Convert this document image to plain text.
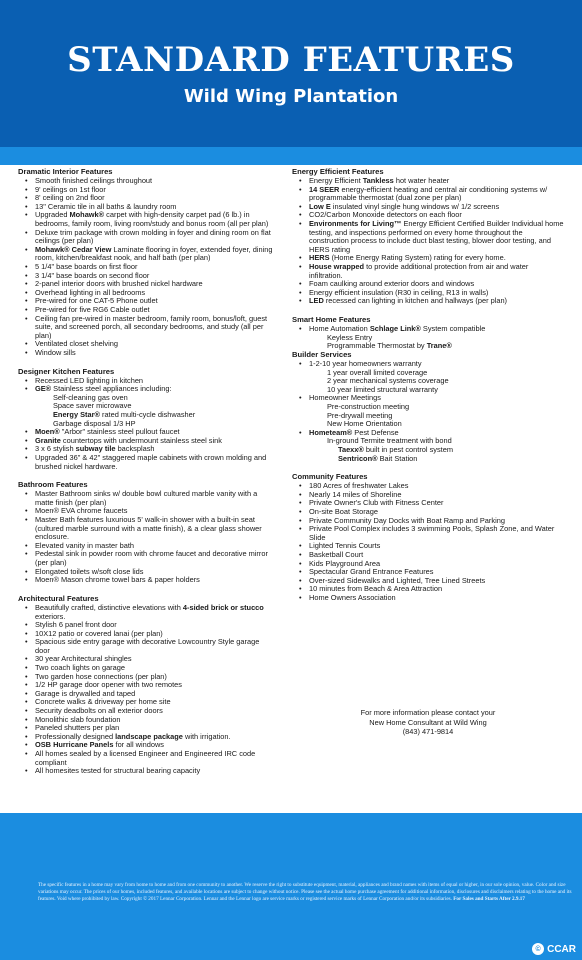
STANDARD FEATURES
Wild Wing Plantation
Dramatic Interior Features
• Smooth finished ceilings throughout
• 9' ceilings on 1st floor
• 8' ceiling on 2nd floor
• 13" Ceramic tile in all baths & laundry room
• Upgraded Mohawk® carpet with high-density carpet pad (6 lb.) in bedrooms, family room, living room/study and bonus room (all per plan)
• Deluxe trim package with crown molding in foyer and dining room on flat ceilings (per plan)
• Mohawk® Cedar View Laminate flooring in foyer, extended foyer, dining room, kitchen/breakfast nook, and half bath (per plan)
• 5 1/4" base boards on first floor
• 3 1/4" base boards on second floor
• 2-panel interior doors with brushed nickel hardware
• Overhead lighting in all bedrooms
• Pre-wired for one CAT-5 Phone outlet
• Pre-wired for five RG6 Cable outlet
• Ceiling fan pre-wired in master bedroom, family room, bonus/loft, guest suite, and screened porch, all secondary bedrooms, and study (all per plan)
• Ventilated closet shelving
• Window sills
Designer Kitchen Features
• Recessed LED lighting in kitchen
• GE® Stainless steel appliances including:
Self-cleaning gas oven
Space saver microwave
Energy Star® rated multi-cycle dishwasher
Garbage disposal 1/3 HP
• Moen® "Arbor" stainless steel pullout faucet
• Granite countertops with undermount stainless steel sink
• 3 x 6 stylish subway tile backsplash
• Upgraded 36" & 42" staggered maple cabinets with crown molding and brushed nickel hardware.
Bathroom Features
• Master Bathroom sinks w/ double bowl cultured marble vanity with a matte finish (per plan)
• Moen® EVA chrome faucets
• Master Bath features luxurious 5' walk-in shower with a built-in seat (cultured marble surround with a matte finish), & a clear glass shower enclosure.
• Elevated vanity in master bath
• Pedestal sink in powder room with chrome faucet and decorative mirror (per plan)
• Elongated toilets w/soft close lids
• Moen® Mason chrome towel bars & paper holders
Architectural Features
• Beautifully crafted, distinctive elevations with 4-sided brick or stucco exteriors.
• Stylish 6 panel front door
• 10X12 patio or covered lanai (per plan)
• Spacious side entry garage with decorative Lowcountry Style garage door
• 30 year Architectural shingles
• Two coach lights on garage
• Two garden hose connections (per plan)
• 1/2 HP garage door opener with two remotes
• Garage is drywalled and taped
• Concrete walks & driveway per home site
• Security deadbolts on all exterior doors
• Monolithic slab foundation
• Paneled shutters per plan
• Professionally designed landscape package with irrigation.
• OSB Hurricane Panels for all windows
• All homes sealed by a licensed Engineer and Engineered IRC code compliant
• All homesites tested for structural bearing capacity
Energy Efficient Features
• Energy Efficient Tankless hot water heater
• 14 SEER energy-efficient heating and central air conditioning systems w/ programmable thermostat (dual zone per plan)
• Low E insulated vinyl single hung windows w/ 1/2 screens
• CO2/Carbon Monoxide detectors on each floor
• Environments for Living™ Energy Efficient Certified Builder Individual home testing, and inspections performed on every home throughout the construction process to include duct blast testing, blower door testing, and HERS rating
• HERS (Home Energy Rating System) rating for every home.
• House wrapped to provide additional protection from air and water infiltration.
• Foam caulking around exterior doors and windows
• Energy efficient insulation (R30 in ceiling, R13 in walls)
• LED recessed can lighting in kitchen and hallways (per plan)
Smart Home Features
• Home Automation Schlage Link® System compatible
Keyless Entry
Programmable Thermostat by Trane®
Builder Services
• 1-2-10 year homeowners warranty
1 year overall limited coverage
2 year mechanical systems coverage
10 year limited structural warranty
• Homeowner Meetings
Pre-construction meeting
Pre-drywall meeting
New Home Orientation
• Hometeam® Pest Defense
In-ground Termite treatment with bond
Taexx® built in pest control system
Sentricon® Bait Station
Community Features
• 180 Acres of freshwater Lakes
• Nearly 14 miles of Shoreline
• Private Owner's Club with Fitness Center
• On-site Boat Storage
• Private Community Day Docks with Boat Ramp and Parking
• Private Pool Complex includes 3 swimming Pools, Splash Zone, and Water Slide
• Lighted Tennis Courts
• Basketball Court
• Kids Playground Area
• Spectacular Grand Entrance Features
• Over-sized Sidewalks and Lighted, Tree Lined Streets
• 10 minutes from Beach & Area Attraction
• Home Owners Association
For more information please contact your
New Home Consultant at Wild Wing
(843) 471-9814
The specific features in a home may vary from home to home and from one community to another. We reserve the right to substitute equipment, material, appliances and brand names with items of equal or higher, in our sole opinion, value. Color and size variations may occur. The prices of our homes, included features, and available locations are subject to change without notice. Please see the actual home purchase agreement for additional information, disclosures and disclaimers relating to the home and its features. Void where prohibited by law. Copyright © 2017 Lennar Corporation. Lennar and the Lennar logo are service marks or registered service marks of Lennar Corporation and/or its subsidiaries. For Sales and Starts After 2.9.17
© CCAR
